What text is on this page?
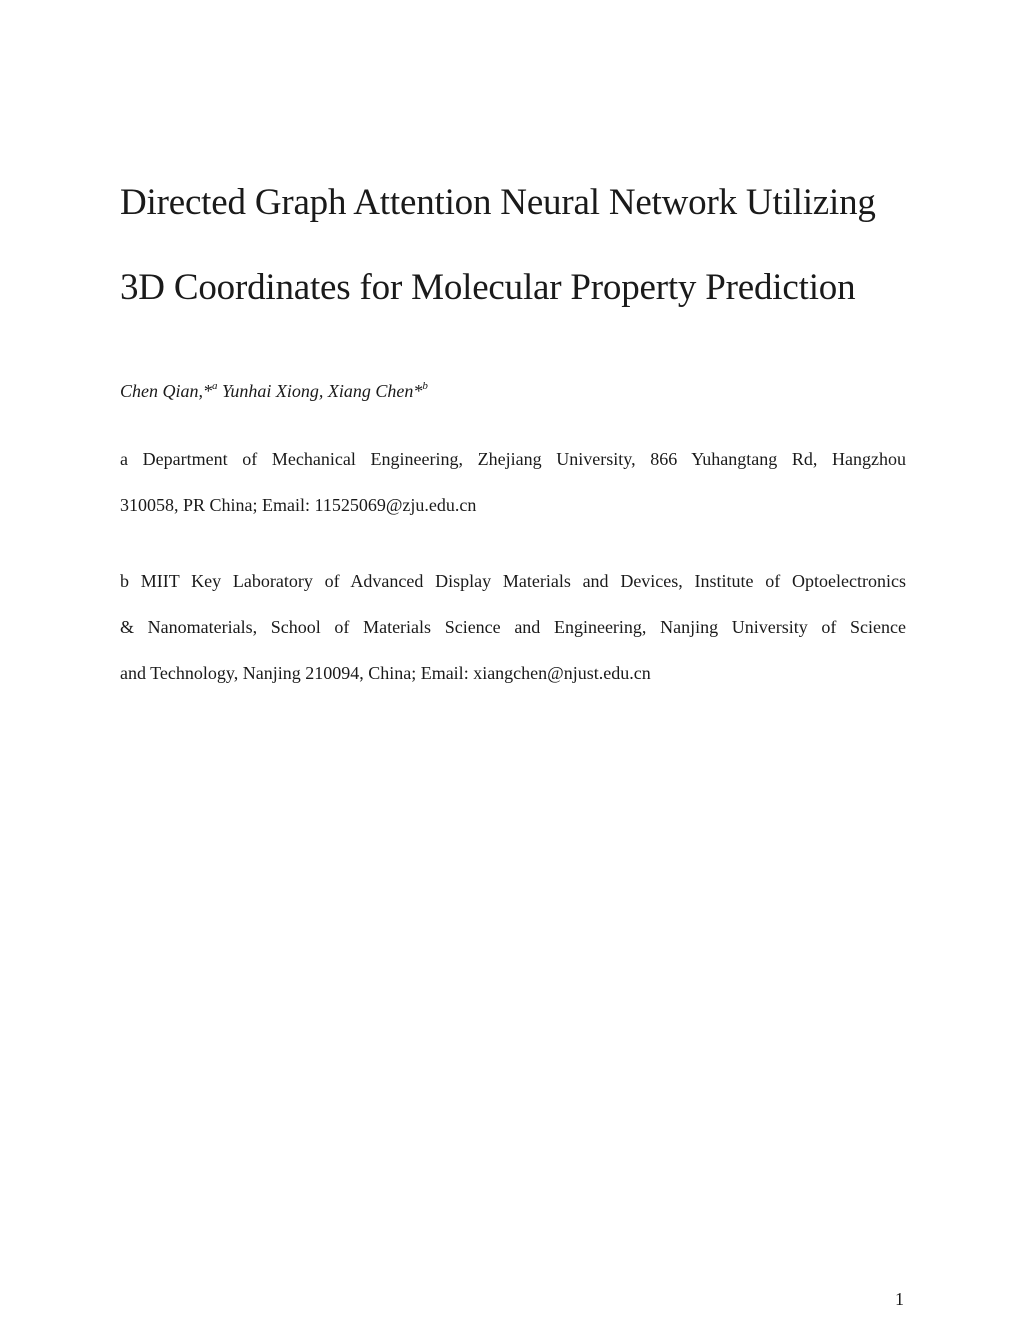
Directed Graph Attention Neural Network Utilizing
3D Coordinates for Molecular Property Prediction
Chen Qian,*$^a$ Yunhai Xiong, Xiang Chen*$^b$
a Department of Mechanical Engineering, Zhejiang University, 866 Yuhangtang Rd, Hangzhou
310058, PR China; Email: 11525069@zju.edu.cn
b MIIT Key Laboratory of Advanced Display Materials and Devices, Institute of Optoelectronics
& Nanomaterials, School of Materials Science and Engineering, Nanjing University of Science
and Technology, Nanjing 210094, China; Email: xiangchen@njust.edu.cn
1
